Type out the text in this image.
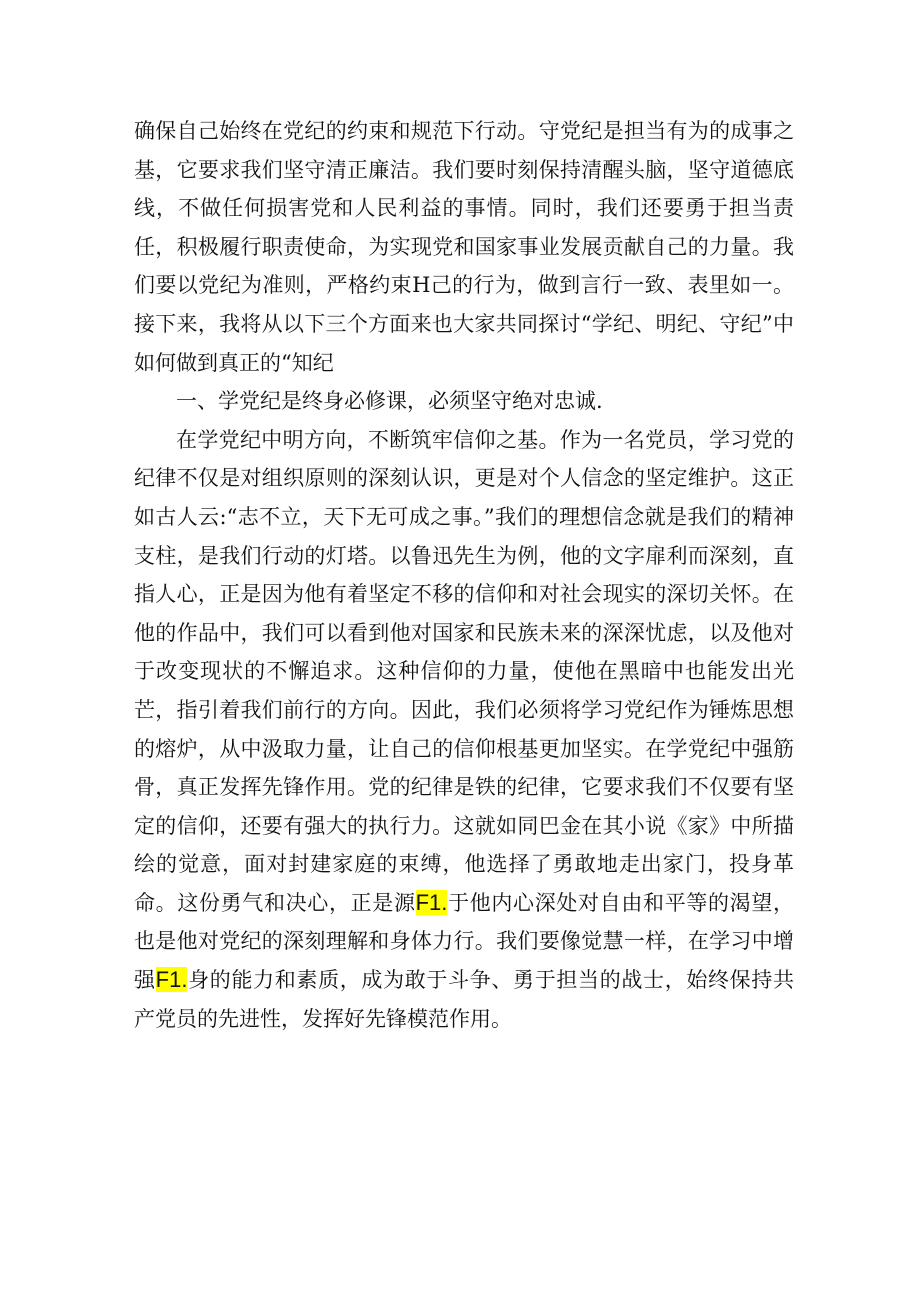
确保自己始终在党纪的约束和规范下行动。守党纪是担当有为的成事之基，它要求我们坚守清正廉洁。我们要时刻保持清醒头脑，坚守道德底线，不做任何损害党和人民利益的事情。同时，我们还要勇于担当责任，积极履行职责使命，为实现党和国家事业发展贡献自己的力量。我们要以党纪为准则，严格约束H己的行为，做到言行一致、表里如一。接下来，我将从以下三个方面来也大家共同探讨“学纪、明纪、守纪”中如何做到真正的“知纪

一、学党纪是终身必修课，必须坚守绝对忠诚.

在学党纪中明方向，不断筑牢信仰之基。作为一名党员，学习党的纪律不仅是对组织原则的深刻认识，更是对个人信念的坚定维护。这正如古人云:“志不立，天下无可成之事。”我们的理想信念就是我们的精神支柱，是我们行动的灯塔。以鲁迅先生为例，他的文字扉利而深刻，直指人心，正是因为他有着坚定不移的信仰和对社会现实的深切关怀。在他的作品中，我们可以看到他对国家和民族未来的深深忧虑，以及他对于改变现状的不懈追求。这种信仰的力量，使他在黑暗中也能发出光芒，指引着我们前行的方向。因此，我们必须将学习党纪作为锤炼思想的熔炉，从中汲取力量，让自己的信仰根基更加坚实。在学党纪中强筋骨，真正发挥先锋作用。党的纪律是铁的纪律，它要求我们不仅要有坚定的信仰，还要有强大的执行力。这就如同巴金在其小说《家》中所描绘的觉意，面对封建家庭的束缚，他选择了勇敢地走出家门，投身革命。这份勇气和决心，正是源F1.于他内心深处对自由和平等的渴望，也是他对党纪的深刻理解和身体力行。我们要像觉慧一样，在学习中增强F1.身的能力和素质，成为敢于斗争、勇于担当的战士，始终保持共产党员的先进性，发挥好先锋模范作用。
